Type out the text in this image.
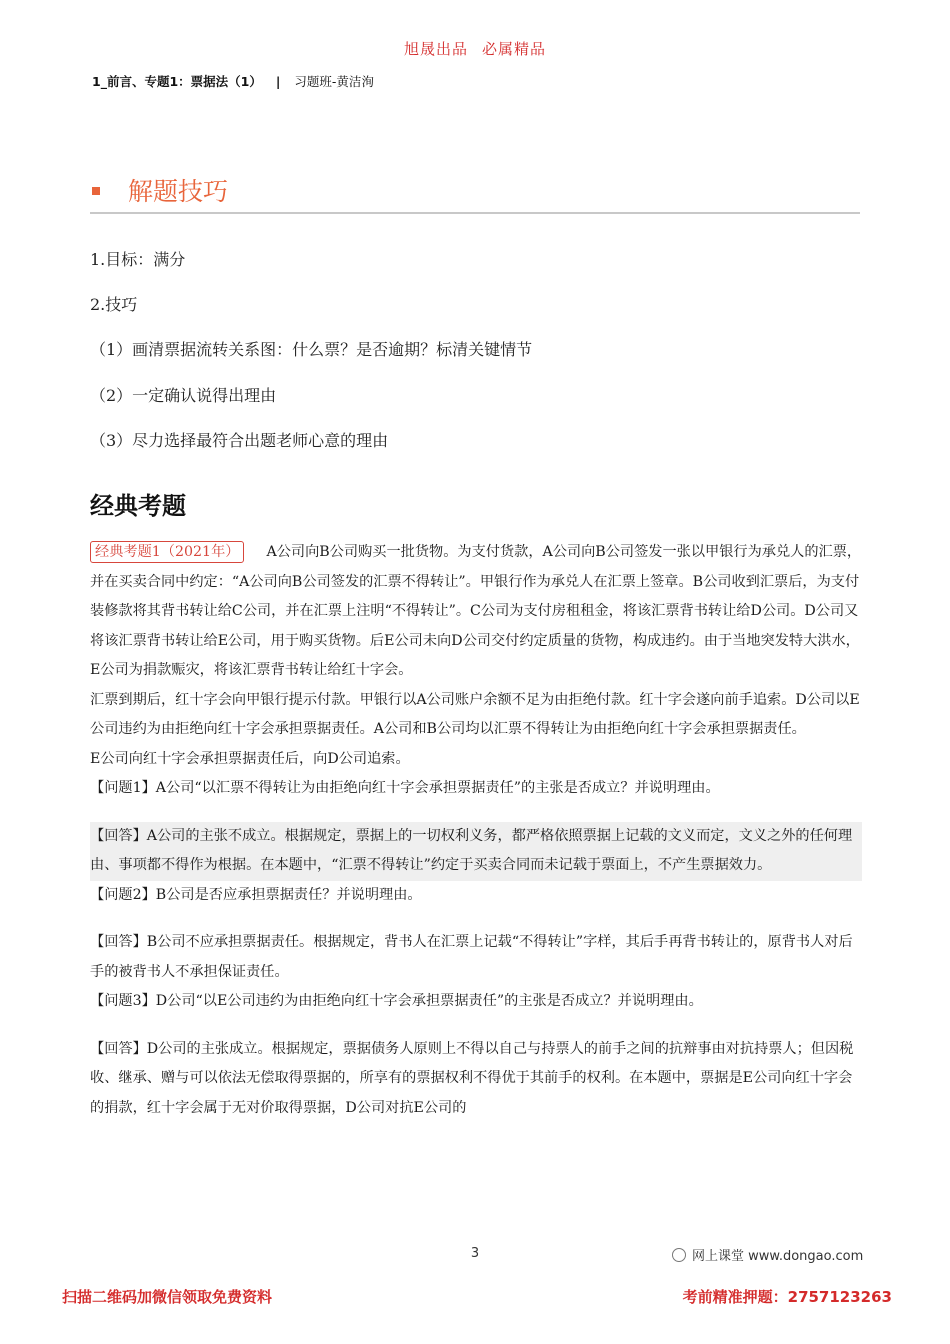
旭晟出品 必属精品
1_前言、专题1：票据法（1） | 习题班-黄洁洵
解题技巧
1.目标：满分
2.技巧
（1）画清票据流转关系图：什么票？是否逾期？标清关键情节
（2）一定确认说得出理由
（3）尽力选择最符合出题老师心意的理由
经典考题

经典考题1（2021年） A公司向B公司购买一批货物。为支付货款，A公司向B公司签发一张以甲银行为承兑人的汇票，并在买卖合同中约定：“A公司向B公司签发的汇票不得转让”。甲银行作为承兑人在汇票上签章。B公司收到汇票后，为支付装修款将其背书转让给C公司，并在汇票上注明“不得转让”。C公司为支付房租租金，将该汇票背书转让给D公司。D公司又将该汇票背书转让给E公司，用于购买货物。后E公司未向D公司交付约定质量的货物，构成违约。由于当地突发特大洪水，E公司为捐款赈灾，将该汇票背书转让给红十字会。

汇票到期后，红十字会向甲银行提示付款。甲银行以A公司账户余额不足为由拒绝付款。红十字会遂向前手追索。D公司以E公司违约为由拒绝向红十字会承担票据责任。A公司和B公司均以汇票不得转让为由拒绝向红十字会承担票据责任。

E公司向红十字会承担票据责任后，向D公司追索。

【问题1】A公司“以汇票不得转让为由拒绝向红十字会承担票据责任”的主张是否成立？并说明理由。

【回答】A公司的主张不成立。根据规定，票据上的一切权利义务，都严格依照票据上记载的文义而定，文义之外的任何理由、事项都不得作为根据。在本题中，“汇票不得转让”约定于买卖合同而未记载于票面上，不产生票据效力。

【问题2】B公司是否应承担票据责任？并说明理由。

【回答】B公司不应承担票据责任。根据规定，背书人在汇票上记载“不得转让”字样，其后手再背书转让的，原背书人对后手的被背书人不承担保证责任。

【问题3】D公司“以E公司违约为由拒绝向红十字会承担票据责任”的主张是否成立？并说明理由。

【回答】D公司的主张成立。根据规定，票据债务人原则上不得以自己与持票人的前手之间的抗辩事由对抗持票人；但因税收、继承、赠与可以依法无偿取得票据的，所享有的票据权利不得优于其前手的权利。在本题中，票据是E公司向红十字会的捐款，红十字会属于无对价取得票据，D公司对抗E公司的

3	网上课堂 www.dongao.com
扫描二维码加微信领取免费资料	考前精准押题：2757123263
